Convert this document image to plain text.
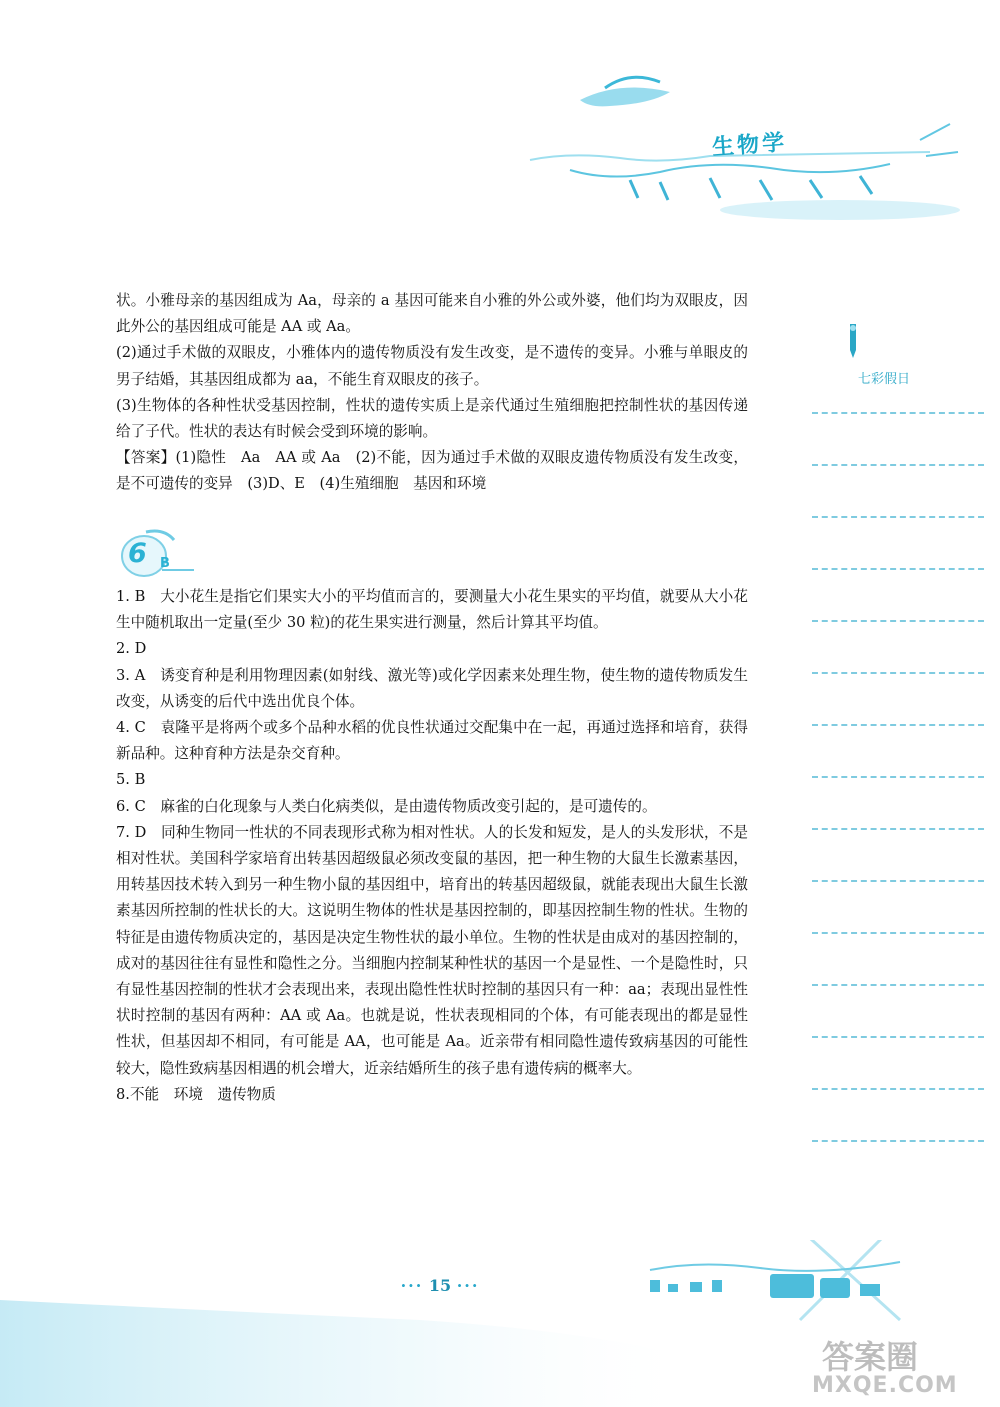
生物学
七彩假日

状。小雅母亲的基因组成为 Aa，母亲的 a 基因可能来自小雅的外公或外婆，他们均为双眼皮，因此外公的基因组成可能是 AA 或 Aa。

(2)通过手术做的双眼皮，小雅体内的遗传物质没有发生改变，是不遗传的变异。小雅与单眼皮的男子结婚，其基因组成都为 aa，不能生育双眼皮的孩子。

(3)生物体的各种性状受基因控制，性状的遗传实质上是亲代通过生殖细胞把控制性状的基因传递给了子代。性状的表达有时候会受到环境的影响。

【答案】(1)隐性　Aa　AA 或 Aa　(2)不能，因为通过手术做的双眼皮遗传物质没有发生改变，是不可遗传的变异　(3)D、E　(4)生殖细胞　基因和环境

6 B

1. B　 大小花生是指它们果实大小的平均值而言的，要测量大小花生果实的平均值，就要从大小花生中随机取出一定量(至少 30 粒)的花生果实进行测量，然后计算其平均值。

2. D

3. A　 诱变育种是利用物理因素(如射线、激光等)或化学因素来处理生物，使生物的遗传物质发生改变，从诱变的后代中选出优良个体。

4. C　 袁隆平是将两个或多个品种水稻的优良性状通过交配集中在一起，再通过选择和培育，获得新品种。这种育种方法是杂交育种。

5. B

6. C　 麻雀的白化现象与人类白化病类似，是由遗传物质改变引起的，是可遗传的。

7. D　 同种生物同一性状的不同表现形式称为相对性状。人的长发和短发，是人的头发形状，不是相对性状。美国科学家培育出转基因超级鼠必须改变鼠的基因，把一种生物的大鼠生长激素基因，用转基因技术转入到另一种生物小鼠的基因组中，培育出的转基因超级鼠，就能表现出大鼠生长激素基因所控制的性状长的大。这说明生物体的性状是基因控制的，即基因控制生物的性状。生物的特征是由遗传物质决定的，基因是决定生物性状的最小单位。生物的性状是由成对的基因控制的，成对的基因往往有显性和隐性之分。当细胞内控制某种性状的基因一个是显性、一个是隐性时，只有显性基因控制的性状才会表现出来，表现出隐性性状时控制的基因只有一种：aa；表现出显性性状时控制的基因有两种：AA 或 Aa。也就是说，性状表现相同的个体，有可能表现出的都是显性性状，但基因却不相同，有可能是 AA，也可能是 Aa。近亲带有相同隐性遗传致病基因的可能性较大，隐性致病基因相遇的机会增大，近亲结婚所生的孩子患有遗传病的概率大。

8.不能　环境　遗传物质

··· 15 ···
答案圈
MXQE.COM
